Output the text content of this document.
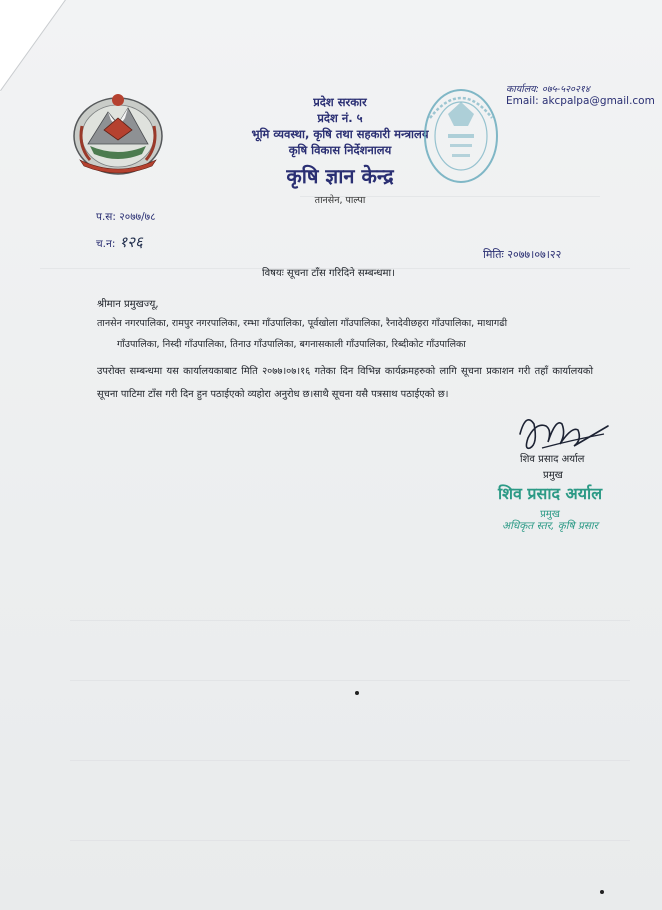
प्रदेश सरकार
प्रदेश नं. ५
भूमि व्यवस्था, कृषि तथा सहकारी मन्त्रालय
कृषि विकास निर्देशनालय
कृषि ज्ञान केन्द्र
तानसेन, पाल्पा
कार्यालय: ०७५-५२०२१४
Email: akcpalpa@gmail.com
प.स: २०७७/७८
च.न: १२६
मितिः २०७७।०७।२२
विषयः सूचना टाँस गरिदिने सम्बन्धमा।
श्रीमान प्रमुखज्यू,
तानसेन नगरपालिका, रामपुर नगरपालिका, रम्भा गाँउपालिका, पूर्वखोला गाँउपालिका, रैनादेवीछहरा गाँउपालिका, माथागढी
गाँउपालिका, निस्दी गाँउपालिका, तिनाउ गाँउपालिका, बगनासकाली गाँउपालिका, रिब्दीकोट गाँउपालिका
उपरोक्त सम्बन्धमा यस कार्यालयकाबाट मिति २०७७।०७।१६ गतेका दिन विभिन्न कार्यक्रमहरुको लागि सूचना प्रकाशन गरी तहाँ कार्यालयको सूचना पाटिमा टाँस गरी दिन हुन पठाईएको व्यहोरा अनुरोध छ।साथै सूचना यसै पत्रसाथ पठाईएको छ।
शिव प्रसाद अर्याल
प्रमुख
शिव प्रसाद अर्याल
प्रमुख
अधिकृत स्तर, कृषि प्रसार
